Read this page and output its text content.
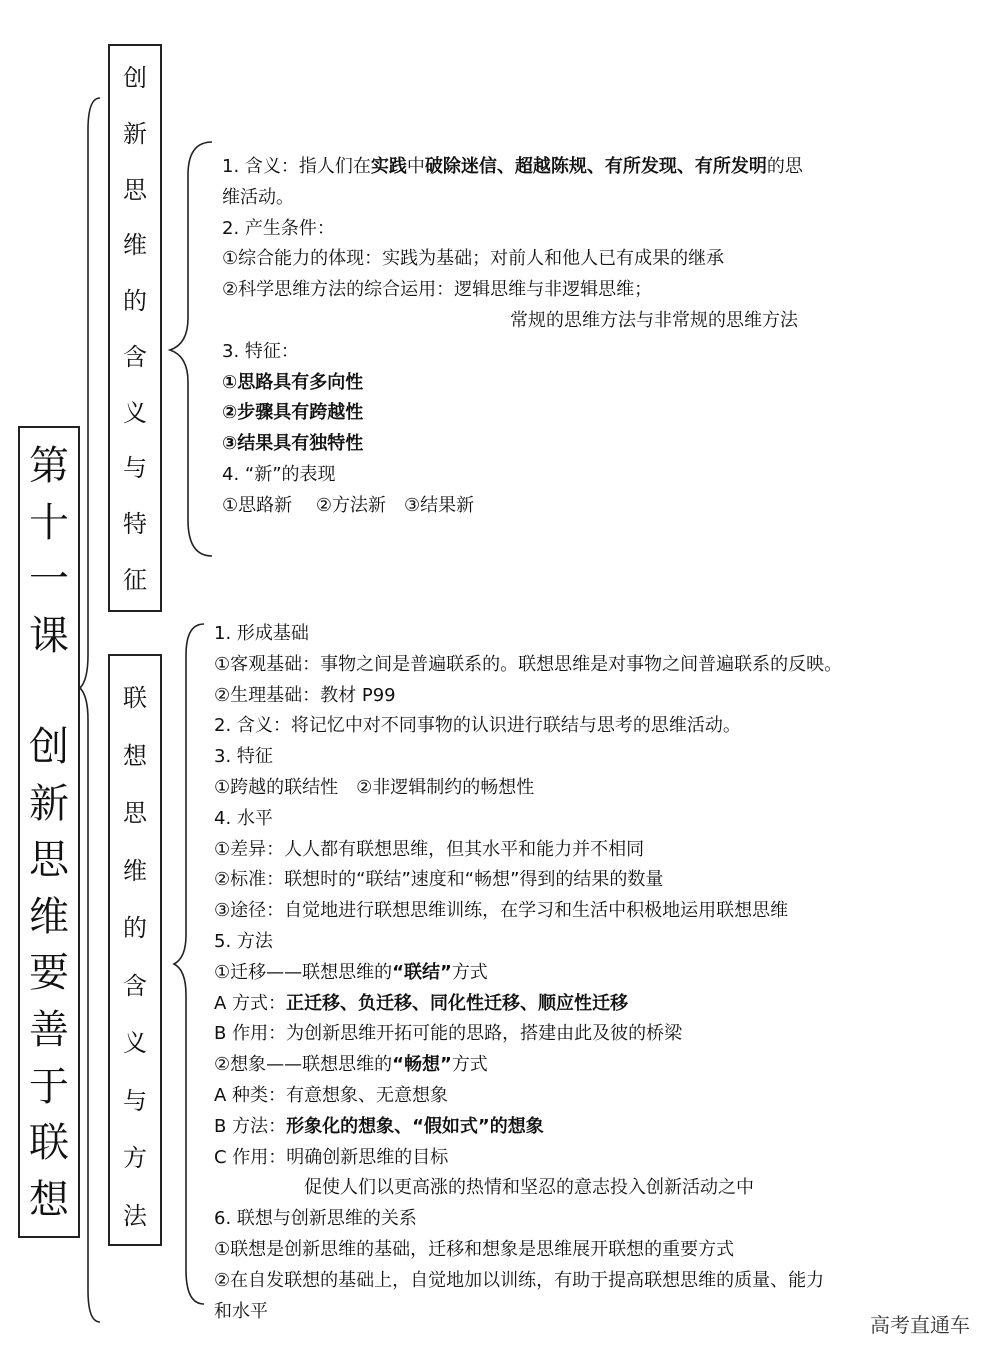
第
十
一
课
创
新
思
维
要
善
于
联
想
创
新
思
维
的
含
义
与
特
征
联
想
思
维
的
含
义
与
方
法
1. 含义：指人们在实践中破除迷信、超越陈规、有所发现、有所发明的思
维活动。
2. 产生条件：
①综合能力的体现：实践为基础；对前人和他人已有成果的继承
②科学思维方法的综合运用：逻辑思维与非逻辑思维；
常规的思维方法与非常规的思维方法
3. 特征：
①思路具有多向性
②步骤具有跨越性
③结果具有独特性
4. “新”的表现
①思路新　 ②方法新　③结果新
1. 形成基础
①客观基础：事物之间是普遍联系的。联想思维是对事物之间普遍联系的反映。
②生理基础：教材 P99
2. 含义：将记忆中对不同事物的认识进行联结与思考的思维活动。
3. 特征
①跨越的联结性　②非逻辑制约的畅想性
4. 水平
①差异：人人都有联想思维，但其水平和能力并不相同
②标准：联想时的“联结”速度和“畅想”得到的结果的数量
③途径：自觉地进行联想思维训练，在学习和生活中积极地运用联想思维
5. 方法
①迁移——联想思维的“联结”方式
A 方式：正迁移、负迁移、同化性迁移、顺应性迁移
B 作用：为创新思维开拓可能的思路，搭建由此及彼的桥梁
②想象——联想思维的“畅想”方式
A 种类：有意想象、无意想象
B 方法：形象化的想象、“假如式”的想象
C 作用：明确创新思维的目标
促使人们以更高涨的热情和坚忍的意志投入创新活动之中
6. 联想与创新思维的关系
①联想是创新思维的基础，迁移和想象是思维展开联想的重要方式
②在自发联想的基础上，自觉地加以训练，有助于提高联想思维的质量、能力
和水平
高考直通车
